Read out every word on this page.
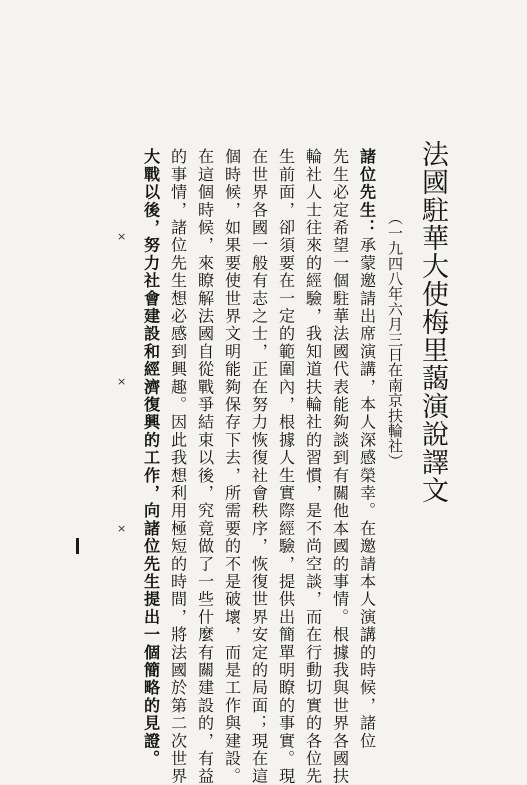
法國駐華大使梅里藹演說譯文
（一九四八年六月三日在南京扶輪社）
諸位先生：承蒙邀請出席演講，本人深感榮幸。在邀請本人演講的時候，諸位
先生必定希望一個駐華法國代表能夠談到有關他本國的事情。根據我與世界各國扶
輪社人士往來的經驗，我知道扶輪社的習慣，是不尚空談，而在行動切實的各位先
生前面，卻須要在一定的範圍內，根據人生實際經驗，提供出簡單明瞭的事實。現
在世界各國一般有志之士，正在努力恢復社會秩序，恢復世界安定的局面；現在這
個時候，如果要使世界文明能夠保存下去，所需要的不是破壞，而是工作與建設。
在這個時候，來瞭解法國自從戰爭結束以後，究竟做了一些什麼有關建設的，有益
的事情，諸位先生想必感到興趣。因此我想利用極短的時間，將法國於第二次世界
大戰以後，努力社會建設和經濟復興的工作，向諸位先生提出一個簡略的見證。
×
×
×
